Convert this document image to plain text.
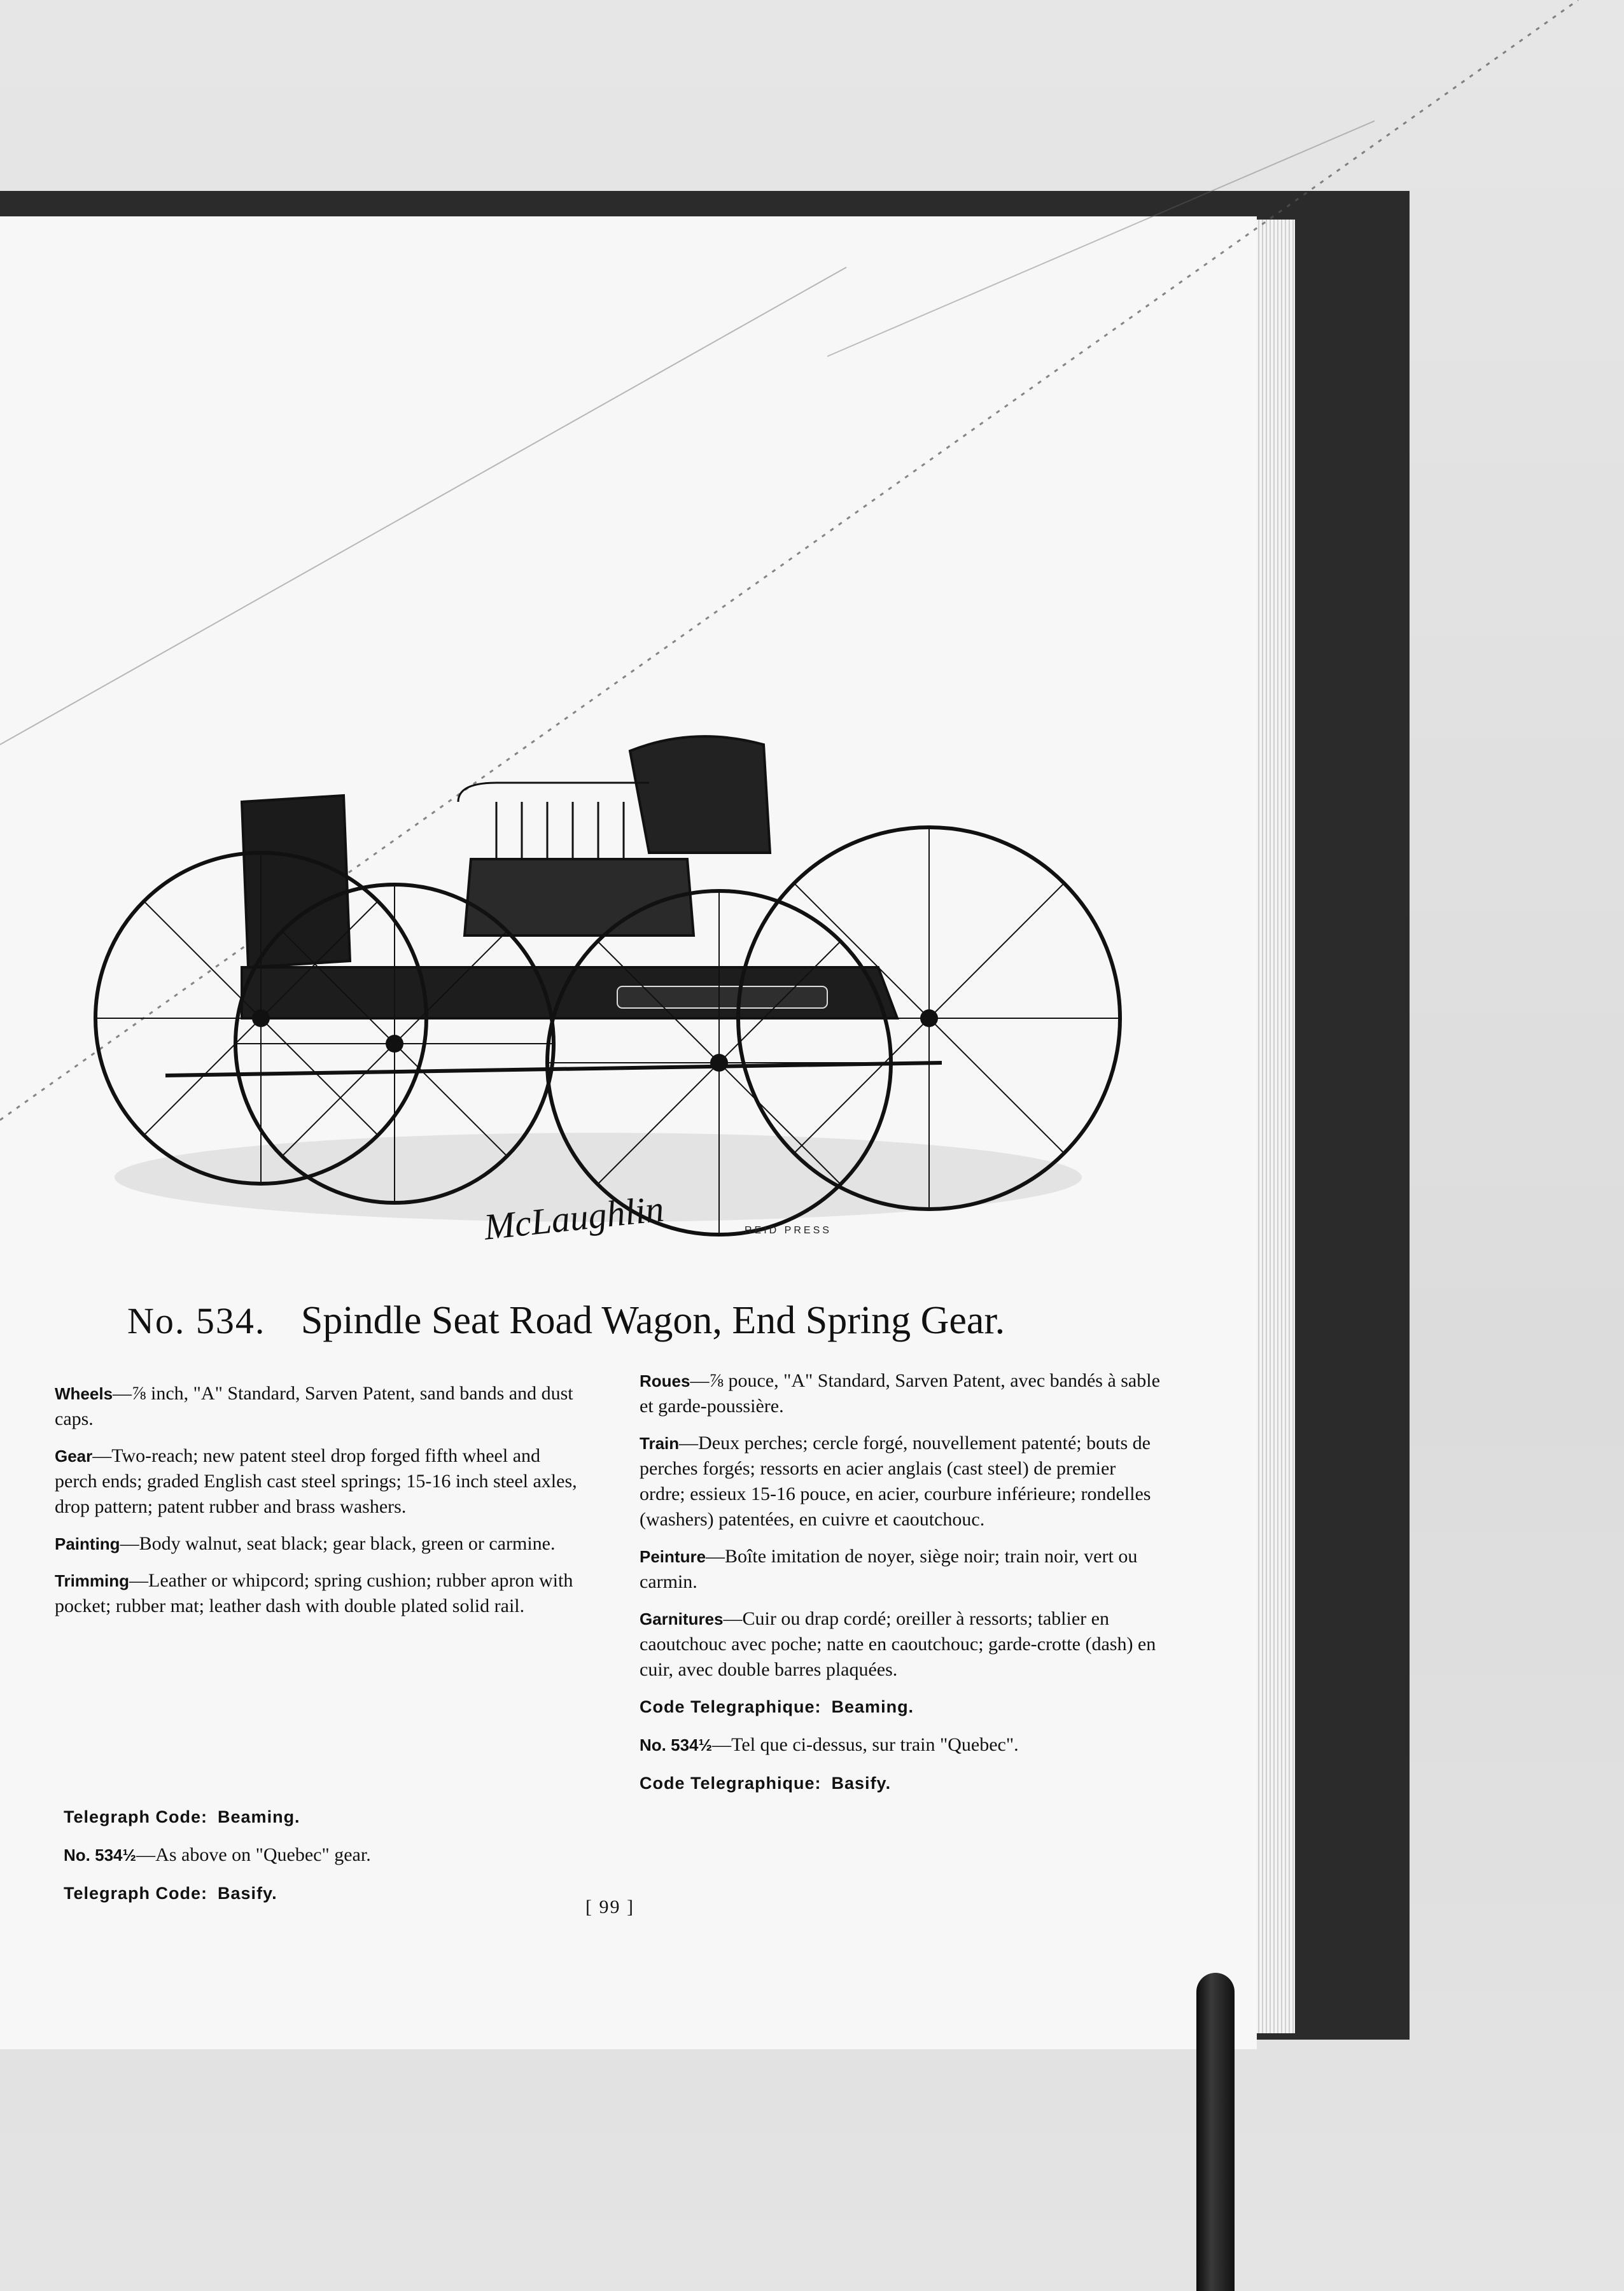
McLaughlin	REID PRESS
No. 534. Spindle Seat Road Wagon, End Spring Gear.
Wheels—⅞ inch, "A" Standard, Sarven Patent, sand bands and dust caps.
Gear—Two-reach; new patent steel drop forged fifth wheel and perch ends; graded English cast steel springs; 15-16 inch steel axles, drop pattern; patent rubber and brass washers.
Painting—Body walnut, seat black; gear black, green or carmine.
Trimming—Leather or whipcord; spring cushion; rubber apron with pocket; rubber mat; leather dash with double plated solid rail.
Telegraph Code: Beaming.
No. 534½—As above on "Quebec" gear.
Telegraph Code: Basify.
Roues—⅞ pouce, "A" Standard, Sarven Patent, avec bandés à sable et garde-poussière.
Train—Deux perches; cercle forgé, nouvellement patenté; bouts de perches forgés; ressorts en acier anglais (cast steel) de premier ordre; essieux 15-16 pouce, en acier, courbure inférieure; rondelles (washers) patentées, en cuivre et caoutchouc.
Peinture—Boîte imitation de noyer, siège noir; train noir, vert ou carmin.
Garnitures—Cuir ou drap cordé; oreiller à ressorts; tablier en caoutchouc avec poche; natte en caoutchouc; garde-crotte (dash) en cuir, avec double barres plaquées.
Code Telegraphique: Beaming.
No. 534½—Tel que ci-dessus, sur train "Quebec".
Code Telegraphique: Basify.
[ 99 ]
